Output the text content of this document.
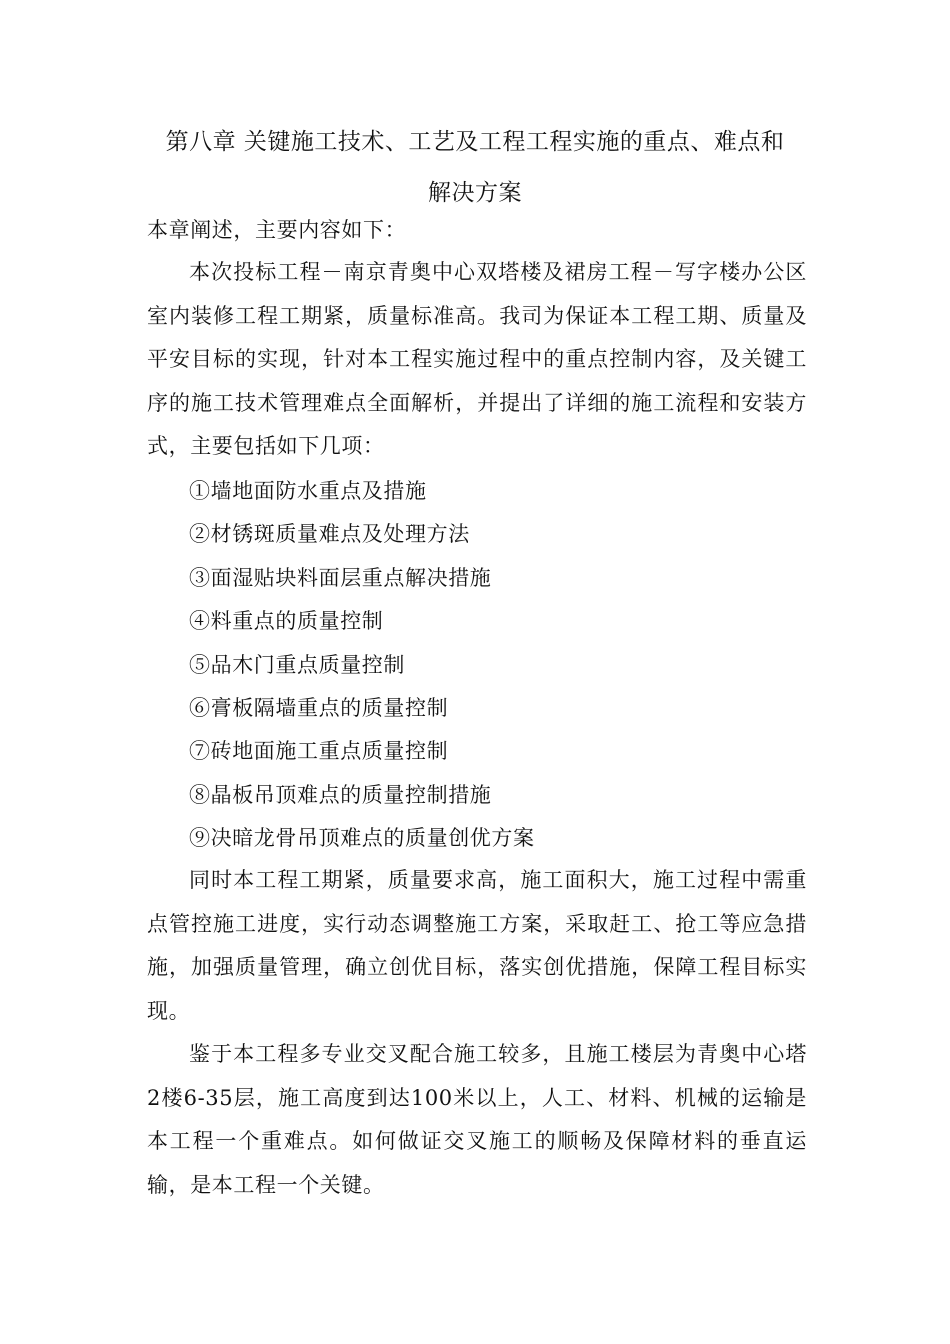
第八章 关键施工技术、工艺及工程工程实施的重点、难点和
解决方案
本章阐述，主要内容如下：

本次投标工程－南京青奥中心双塔楼及裙房工程－写字楼办公区室内装修工程工期紧，质量标准高。我司为保证本工程工期、质量及平安目标的实现，针对本工程实施过程中的重点控制内容，及关键工序的施工技术管理难点全面解析，并提出了详细的施工流程和安装方式，主要包括如下几项：

①墙地面防水重点及措施
②材锈斑质量难点及处理方法
③面湿贴块料面层重点解决措施
④料重点的质量控制
⑤品木门重点质量控制
⑥膏板隔墙重点的质量控制
⑦砖地面施工重点质量控制
⑧晶板吊顶难点的质量控制措施
⑨决暗龙骨吊顶难点的质量创优方案

同时本工程工期紧，质量要求高，施工面积大，施工过程中需重点管控施工进度，实行动态调整施工方案，采取赶工、抢工等应急措施，加强质量管理，确立创优目标，落实创优措施，保障工程目标实现。

鉴于本工程多专业交叉配合施工较多，且施工楼层为青奥中心塔2楼6-35层，施工高度到达100米以上，人工、材料、机械的运输是本工程一个重难点。如何做证交叉施工的顺畅及保障材料的垂直运输，是本工程一个关键。
